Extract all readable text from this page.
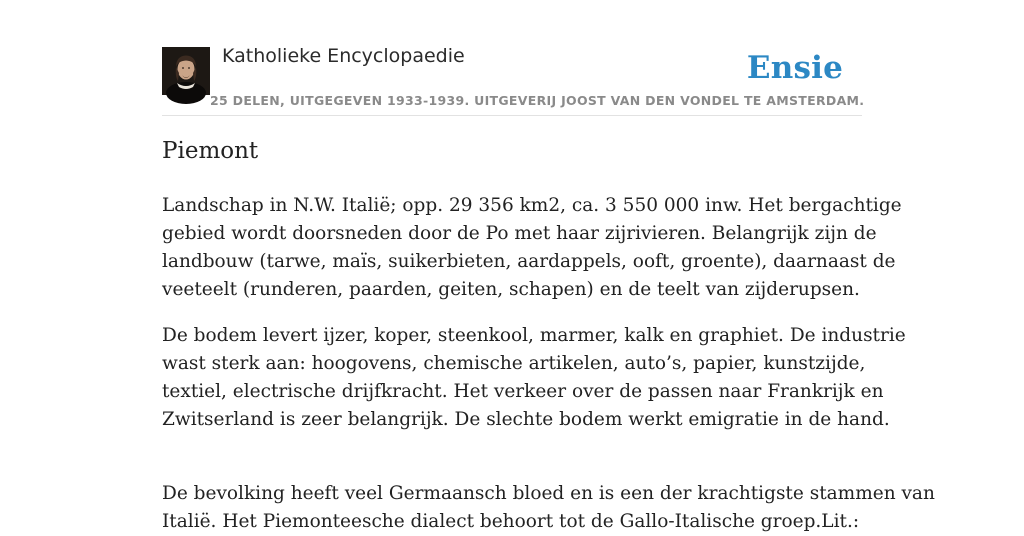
Katholieke Encyclopaedie	Ensie
25 DELEN, UITGEGEVEN 1933-1939. UITGEVERIJ JOOST VAN DEN VONDEL TE AMSTERDAM.
Piemont

Landschap in N.W. Italië; opp. 29 356 km2, ca. 3 550 000 inw. Het bergachtige
gebied wordt doorsneden door de Po met haar zijrivieren. Belangrijk zijn de
landbouw (tarwe, maïs, suikerbieten, aardappels, ooft, groente), daarnaast de
veeteelt (runderen, paarden, geiten, schapen) en de teelt van zijderupsen.

De bodem levert ijzer, koper, steenkool, marmer, kalk en graphiet. De industrie
wast sterk aan: hoogovens, chemische artikelen, auto’s, papier, kunstzijde,
textiel, electrische drijfkracht. Het verkeer over de passen naar Frankrijk en
Zwitserland is zeer belangrijk. De slechte bodem werkt emigratie in de hand.

De bevolking heeft veel Germaansch bloed en is een der krachtigste stammen van
Italië. Het Piemonteesche dialect behoort tot de Gallo-Italische groep.Lit.:
